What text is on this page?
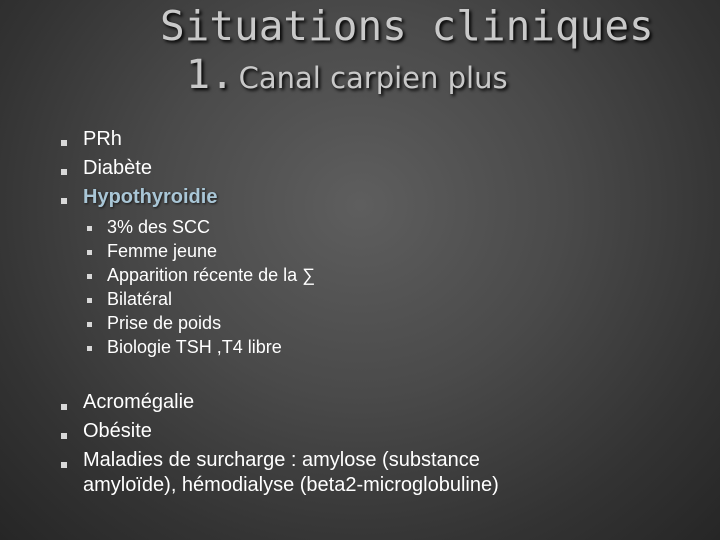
Situations cliniques
1. Canal carpien plus
PRh
Diabète
Hypothyroidie
3% des SCC
Femme jeune
Apparition récente de la ∑
Bilatéral
Prise de poids
Biologie TSH ,T4 libre
Acromégalie
Obésite
Maladies de surcharge : amylose (substance
amyloïde), hémodialyse (beta2-microglobuline)
